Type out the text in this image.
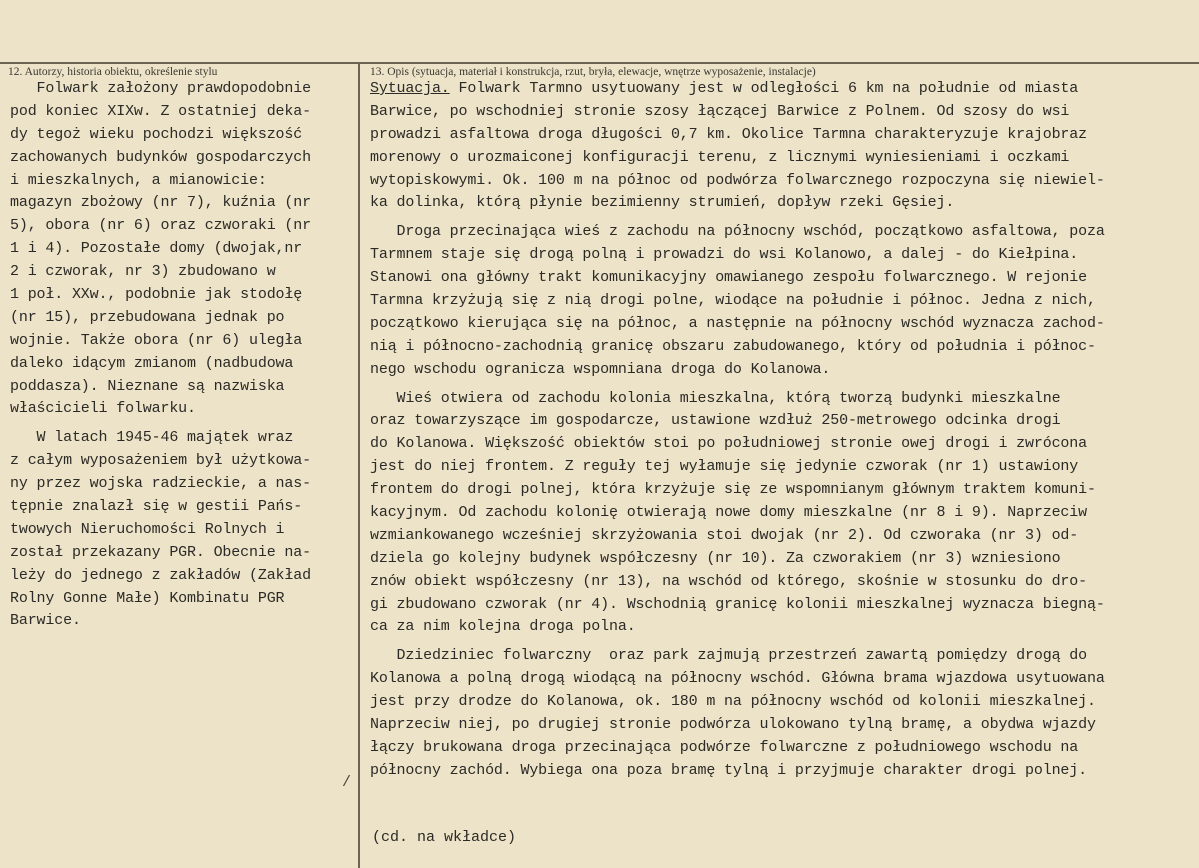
12. Autorzy, historia obiektu, określenie stylu	13. Opis (sytuacja, materiał i konstrukcja, rzut, bryła, elewacje, wnętrze wyposażenie, instalacje)
Folwark założony prawdopodobnie
pod koniec XIXw. Z ostatniej deka-
dy tegoż wieku pochodzi większość
zachowanych budynków gospodarczych
i mieszkalnych, a mianowicie:
magazyn zbożowy (nr 7), kuźnia (nr
5), obora (nr 6) oraz czworaki (nr
1 i 4). Pozostałe domy (dwojak,nr
2 i czworak, nr 3) zbudowano w
1 poł. XXw., podobnie jak stodołę
(nr 15), przebudowana jednak po
wojnie. Także obora (nr 6) uległa
daleko idącym zmianom (nadbudowa
poddasza). Nieznane są nazwiska
właścicieli folwarku.
W latach 1945-46 majątek wraz
z całym wyposażeniem był użytkowa-
ny przez wojska radzieckie, a nas-
tępnie znalazł się w gestii Pańs-
twowych Nieruchomości Rolnych i
został przekazany PGR. Obecnie na-
leży do jednego z zakładów (Zakład
Rolny Gonne Małe) Kombinatu PGR
Barwice.
Sytuacja. Folwark Tarmno usytuowany jest w odległości 6 km na południe od miasta
Barwice, po wschodniej stronie szosy łączącej Barwice z Polnem. Od szosy do wsi
prowadzi asfaltowa droga długości 0,7 km. Okolice Tarmna charakteryzuje krajobraz
morenowy o urozmaiconej konfiguracji terenu, z licznymi wyniesieniami i oczkami
wytopiskowymi. Ok. 100 m na północ od podwórza folwarcznego rozpoczyna się niewiel-
ka dolinka, którą płynie bezimienny strumień, dopływ rzeki Gęsiej.
Droga przecinająca wieś z zachodu na północny wschód, początkowo asfaltowa, poza
Tarmnem staje się drogą polną i prowadzi do wsi Kolanowo, a dalej - do Kiełpina.
Stanowi ona główny trakt komunikacyjny omawianego zespołu folwarcznego. W rejonie
Tarmna krzyżują się z nią drogi polne, wiodące na południe i północ. Jedna z nich,
początkowo kierująca się na północ, a następnie na północny wschód wyznacza zachod-
nią i północno-zachodnią granicę obszaru zabudowanego, który od południa i północ-
nego wschodu ogranicza wspomniana droga do Kolanowa.
Wieś otwiera od zachodu kolonia mieszkalna, którą tworzą budynki mieszkalne
oraz towarzyszące im gospodarcze, ustawione wzdłuż 250-metrowego odcinka drogi
do Kolanowa. Większość obiektów stoi po południowej stronie owej drogi i zwrócona
jest do niej frontem. Z reguły tej wyłamuje się jedynie czworak (nr 1) ustawiony
frontem do drogi polnej, która krzyżuje się ze wspomnianym głównym traktem komuni-
kacyjnym. Od zachodu kolonię otwierają nowe domy mieszkalne (nr 8 i 9). Naprzeciw
wzmiankowanego wcześniej skrzyżowania stoi dwojak (nr 2). Od czworaka (nr 3) od-
dziela go kolejny budynek współczesny (nr 10). Za czworakiem (nr 3) wzniesiono
znów obiekt współczesny (nr 13), na wschód od którego, skośnie w stosunku do dro-
gi zbudowano czworak (nr 4). Wschodnią granicę kolonii mieszkalnej wyznacza biegną-
ca za nim kolejna droga polna.
Dziedziniec folwarczny  oraz park zajmują przestrzeń zawartą pomiędzy drogą do
Kolanowa a polną drogą wiodącą na północny wschód. Główna brama wjazdowa usytuowana
jest przy drodze do Kolanowa, ok. 180 m na północny wschód od kolonii mieszkalnej.
Naprzeciw niej, po drugiej stronie podwórza ulokowano tylną bramę, a obydwa wjazdy
łączy brukowana droga przecinająca podwórze folwarczne z południowego wschodu na
północny zachód. Wybiega ona poza bramę tylną i przyjmuje charakter drogi polnej.
/
(cd. na wkładce)
